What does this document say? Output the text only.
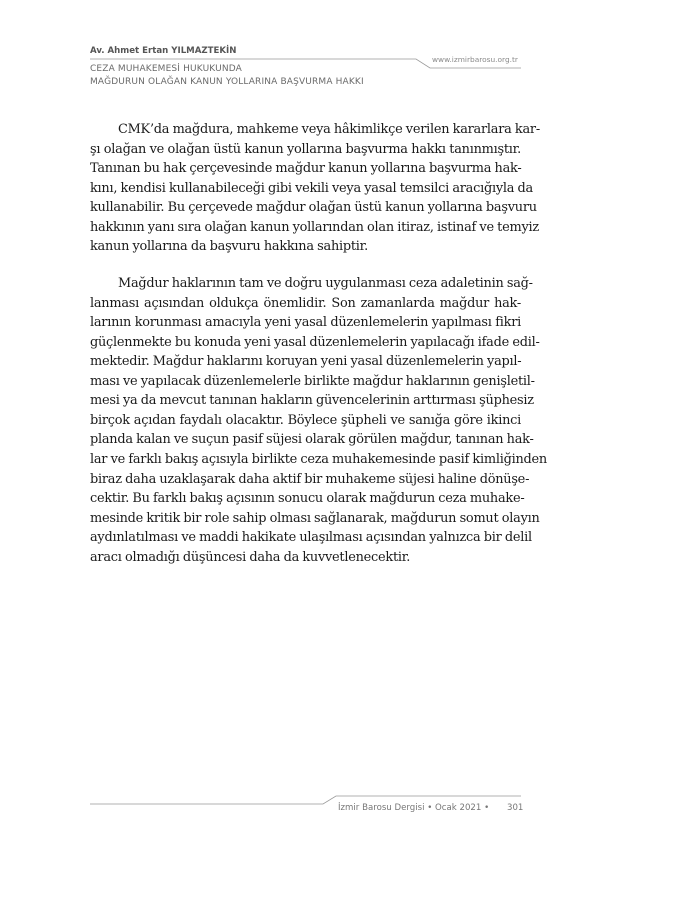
Av. Ahmet Ertan YILMAZTEKİN
www.izmirbarosu.org.tr
CEZA MUHAKEMESİ HUKUKUNDA
MAĞDURUN OLAĞAN KANUN YOLLARINA BAŞVURMA HAKKI
CMK’da mağdura, mahkeme veya hâkimlikçe verilen kararlara kar-
şı olağan ve olağan üstü kanun yollarına başvurma hakkı tanınmıştır.
Tanınan bu hak çerçevesinde mağdur kanun yollarına başvurma hak-
kını, kendisi kullanabileceği gibi vekili veya yasal temsilci aracığıyla da
kullanabilir. Bu çerçevede mağdur olağan üstü kanun yollarına başvuru
hakkının yanı sıra olağan kanun yollarından olan itiraz, istinaf ve temyiz
kanun yollarına da başvuru hakkına sahiptir.
Mağdur haklarının tam ve doğru uygulanması ceza adaletinin sağ-
lanması açısından oldukça önemlidir. Son zamanlarda mağdur hak-
larının korunması amacıyla yeni yasal düzenlemelerin yapılması fikri
güçlenmekte bu konuda yeni yasal düzenlemelerin yapılacağı ifade edil-
mektedir. Mağdur haklarını koruyan yeni yasal düzenlemelerin yapıl-
ması ve yapılacak düzenlemelerle birlikte mağdur haklarının genişletil-
mesi ya da mevcut tanınan hakların güvencelerinin arttırması şüphesiz
birçok açıdan faydalı olacaktır. Böylece şüpheli ve sanığa göre ikinci
planda kalan ve suçun pasif süjesi olarak görülen mağdur, tanınan hak-
lar ve farklı bakış açısıyla birlikte ceza muhakemesinde pasif kimliğinden
biraz daha uzaklaşarak daha aktif bir muhakeme süjesi haline dönüşe-
cektir. Bu farklı bakış açısının sonucu olarak mağdurun ceza muhake-
mesinde kritik bir role sahip olması sağlanarak, mağdurun somut olayın
aydınlatılması ve maddi hakikate ulaşılması açısından yalnızca bir delil
aracı olmadığı düşüncesi daha da kuvvetlenecektir.
İzmir Barosu Dergisi • Ocak 2021 • 301
